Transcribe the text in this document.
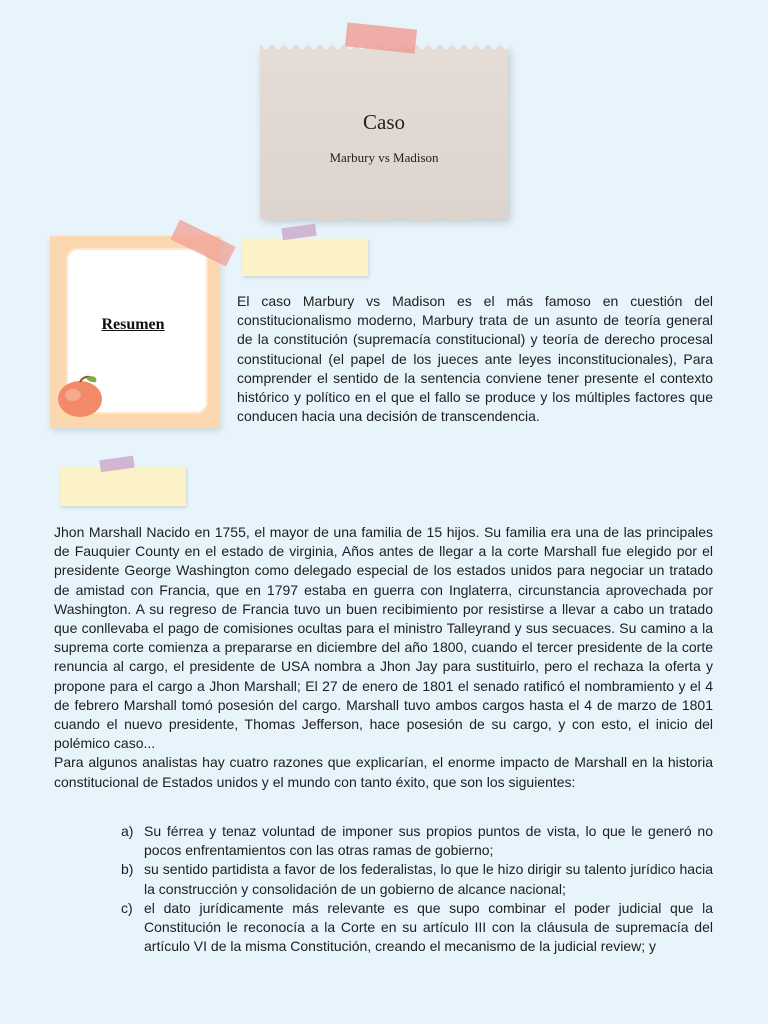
Caso
Marbury vs Madison
Resumen

El caso Marbury vs Madison es el más famoso en cuestión del constitucionalismo moderno, Marbury trata de un asunto de teoría general de la constitución (supremacía constitucional) y teoría de derecho procesal constitucional (el papel de los jueces ante leyes inconstitucionales), Para comprender el sentido de la sentencia conviene tener presente el contexto histórico y político en el que el fallo se produce y los múltiples factores que conducen hacia una decisión de transcendencia.

Jhon Marshall Nacido en 1755, el mayor de una familia de 15 hijos. Su familia era una de las principales de Fauquier County en el estado de virginia, Años antes de llegar a la corte Marshall fue elegido por el presidente George Washington como delegado especial de los estados unidos para negociar un tratado de amistad con Francia, que en 1797 estaba en guerra con Inglaterra, circunstancia aprovechada por Washington. A su regreso de Francia tuvo un buen recibimiento por resistirse a llevar a cabo un tratado que conllevaba el pago de comisiones ocultas para el ministro Talleyrand y sus secuaces. Su camino a la suprema corte comienza a prepararse en diciembre del año 1800, cuando el tercer presidente de la corte renuncia al cargo, el presidente de USA nombra a Jhon Jay para sustituirlo, pero el rechaza la oferta y propone para el cargo a Jhon Marshall; El 27 de enero de 1801 el senado ratificó el nombramiento y el 4 de febrero Marshall tomó posesión del cargo. Marshall tuvo ambos cargos hasta el 4 de marzo de 1801 cuando el nuevo presidente, Thomas Jefferson, hace posesión de su cargo, y con esto, el inicio del polémico caso...

Para algunos analistas hay cuatro razones que explicarían, el enorme impacto de Marshall en la historia constitucional de Estados unidos y el mundo con tanto éxito, que son los siguientes:

a) Su férrea y tenaz voluntad de imponer sus propios puntos de vista, lo que le generó no pocos enfrentamientos con las otras ramas de gobierno;
b) su sentido partidista a favor de los federalistas, lo que le hizo dirigir su talento jurídico hacia la construcción y consolidación de un gobierno de alcance nacional;
c) el dato jurídicamente más relevante es que supo combinar el poder judicial que la Constitución le reconocía a la Corte en su artículo III con la cláusula de supremacía del artículo VI de la misma Constitución, creando el mecanismo de la judicial review; y
